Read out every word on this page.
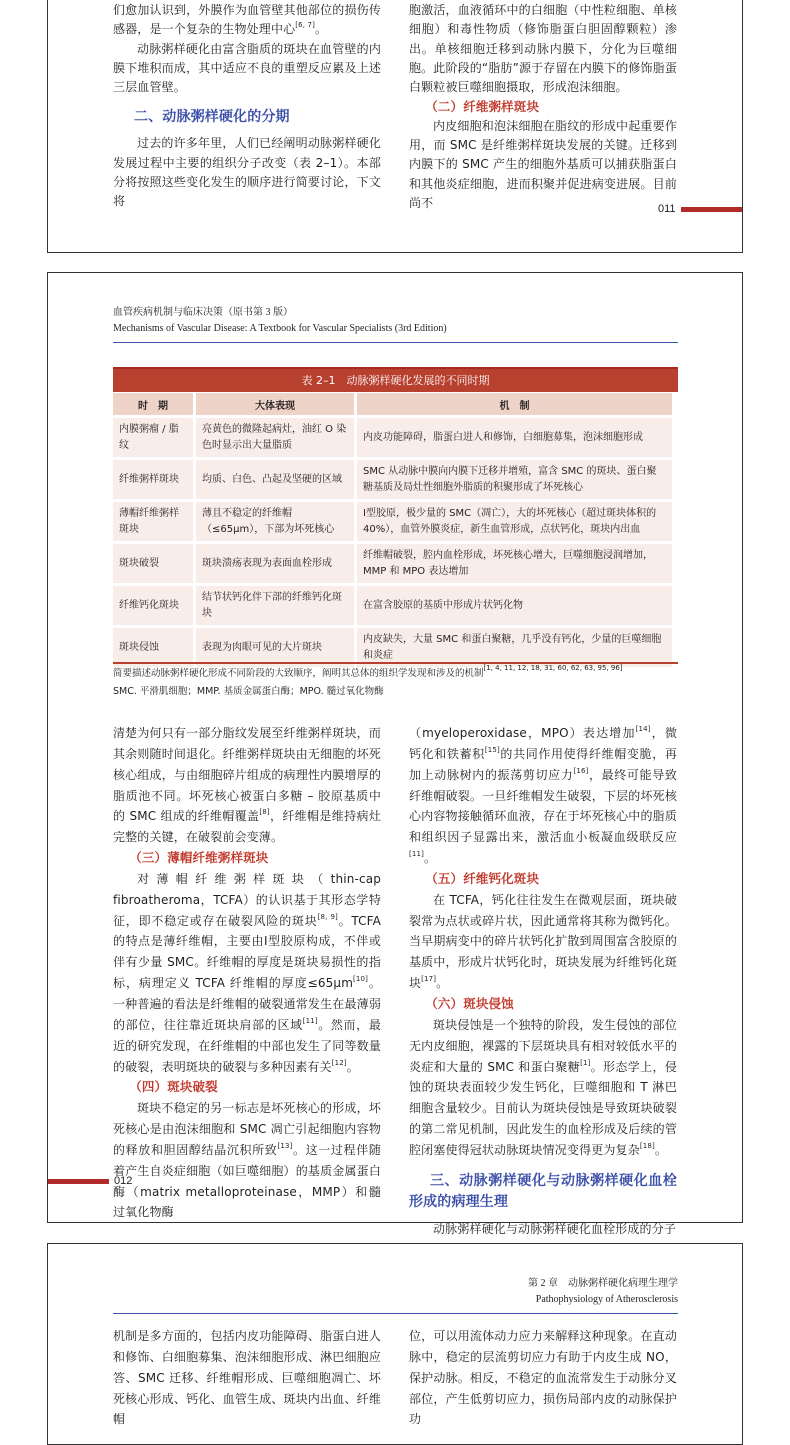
们愈加认识到，外膜作为血管壁其他部位的损伤传感器，是一个复杂的生物处理中心[6, 7]。

动脉粥样硬化由富含脂质的斑块在血管壁的内膜下堆积而成，其中适应不良的重塑反应累及上述三层血管壁。

二、动脉粥样硬化的分期

过去的许多年里，人们已经阐明动脉粥样硬化发展过程中主要的组织分子改变（表 2–1）。本部分将按照这些变化发生的顺序进行简要讨论，下文将

胞激活，血液循环中的白细胞（中性粒细胞、单核细胞）和毒性物质（修饰脂蛋白胆固醇颗粒）渗出。单核细胞迁移到动脉内膜下，分化为巨噬细胞。此阶段的“脂肪”源于存留在内膜下的修饰脂蛋白颗粒被巨噬细胞摄取，形成泡沫细胞。

（二）纤维粥样斑块

内皮细胞和泡沫细胞在脂纹的形成中起重要作用，而 SMC 是纤维粥样斑块发展的关键。迁移到内膜下的 SMC 产生的细胞外基质可以捕获脂蛋白和其他炎症细胞，进而积聚并促进病变进展。目前尚不	011
血管疾病机制与临床决策（原书第 3 版）
Mechanisms of Vascular Disease: A Textbook for Vascular Specialists (3rd Edition)
表 2–1　动脉粥样硬化发展的不同时期
时　期	大体表现	机　制
内膜粥瘤 / 脂纹	亮黄色的微隆起病灶，油红 O 染色时显示出大量脂质	内皮功能障碍，脂蛋白进人和修饰，白细胞募集，泡沫细胞形成
纤维粥样斑块	均质、白色、凸起及坚硬的区域	SMC 从动脉中膜向内膜下迁移并增殖，富含 SMC 的斑块、蛋白聚糖基质及局灶性细胞外脂质的积聚形成了坏死核心
薄帽纤维粥样斑块	薄且不稳定的纤维帽（≤65μm），下部为坏死核心	Ⅰ型胶原，极少量的 SMC（凋亡），大的坏死核心（超过斑块体积的 40%），血管外膜炎症，新生血管形成，点状钙化，斑块内出血
斑块破裂	斑块溃疡表现为表面血栓形成	纤维帽破裂，腔内血栓形成，坏死核心增大，巨噬细胞浸润增加，MMP 和 MPO 表达增加
纤维钙化斑块	结节状钙化伴下部的纤维钙化斑块	在富含胶原的基质中形成片状钙化物
斑块侵蚀	表现为肉眼可见的大片斑块	内皮缺失，大量 SMC 和蛋白聚糖，几乎没有钙化，少量的巨噬细胞和炎症
简要描述动脉粥样硬化形成不同阶段的大致顺序，阐明其总体的组织学发现和涉及的机制[1, 4, 11, 12, 18, 31, 60, 62, 63, 95, 96]
SMC. 平滑肌细胞；MMP. 基质金属蛋白酶；MPO. 髓过氧化物酶

清楚为何只有一部分脂纹发展至纤维粥样斑块，而其余则随时间退化。纤维粥样斑块由无细胞的坏死核心组成，与由细胞碎片组成的病理性内膜增厚的脂质池不同。坏死核心被蛋白多糖 – 胶原基质中的 SMC 组成的纤维帽覆盖[8]，纤维帽是维持病灶完整的关键，在破裂前会变薄。

（三）薄帽纤维粥样斑块

对薄帽纤维粥样斑块（thin-cap fibroatheroma，TCFA）的认识基于其形态学特征，即不稳定或存在破裂风险的斑块[8, 9]。TCFA 的特点是薄纤维帽，主要由Ⅰ型胶原构成，不伴或伴有少量 SMC。纤维帽的厚度是斑块易损性的指标，病理定义 TCFA 纤维帽的厚度≤65μm[10]。一种普遍的看法是纤维帽的破裂通常发生在最薄弱的部位，往往靠近斑块肩部的区域[11]。然而，最近的研究发现，在纤维帽的中部也发生了同等数量的破裂，表明斑块的破裂与多种因素有关[12]。

（四）斑块破裂

斑块不稳定的另一标志是坏死核心的形成，坏死核心是由泡沫细胞和 SMC 凋亡引起细胞内容物的释放和胆固醇结晶沉积所致[13]。这一过程伴随着产生自炎症细胞（如巨噬细胞）的基质金属蛋白酶（matrix metalloproteinase，MMP）和髓过氧化物酶

（myeloperoxidase，MPO）表达增加[14]，微钙化和铁蓄积[15]的共同作用使得纤维帽变脆，再加上动脉树内的振荡剪切应力[16]，最终可能导致纤维帽破裂。一旦纤维帽发生破裂，下层的坏死核心内容物接触循环血液，存在于坏死核心中的脂质和组织因子显露出来，激活血小板凝血级联反应[11]。

（五）纤维钙化斑块

在 TCFA，钙化往往发生在微观层面，斑块破裂常为点状或碎片状，因此通常将其称为微钙化。当早期病变中的碎片状钙化扩散到周围富含胶原的基质中，形成片状钙化时，斑块发展为纤维钙化斑块[17]。

（六）斑块侵蚀

斑块侵蚀是一个独特的阶段，发生侵蚀的部位无内皮细胞，裸露的下层斑块具有相对较低水平的炎症和大量的 SMC 和蛋白聚糖[1]。形态学上，侵蚀的斑块表面较少发生钙化，巨噬细胞和 T 淋巴细胞含量较少。目前认为斑块侵蚀是导致斑块破裂的第二常见机制，因此发生的血栓形成及后续的管腔闭塞使得冠状动脉斑块情况变得更为复杂[18]。

三、动脉粥样硬化与动脉粥样硬化血栓形成的病理生理

动脉粥样硬化与动脉粥样硬化血栓形成的分子

012
第 2 章　动脉粥样硬化病理生理学
Pathophysiology of Atherosclerosis

机制是多方面的，包括内皮功能障碍、脂蛋白进人和修饰、白细胞募集、泡沫细胞形成、淋巴细胞应答、SMC 迁移、纤维帽形成、巨噬细胞凋亡、坏死核心形成、钙化、血管生成、斑块内出血、纤维帽

位，可以用流体动力应力来解释这种现象。在直动脉中，稳定的层流剪切应力有助于内皮生成 NO，保护动脉。相反，不稳定的血流常发生于动脉分叉部位，产生低剪切应力，损伤局部内皮的动脉保护功
